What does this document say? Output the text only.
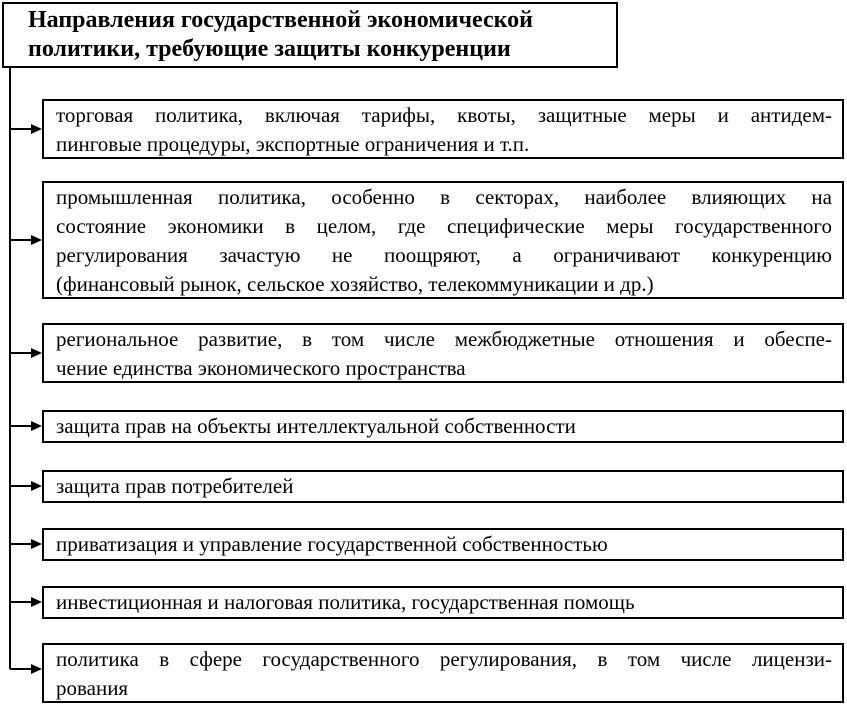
Направления государственной экономической
политики, требующие защиты конкуренции
торговая политика, включая тарифы, квоты, защитные меры и антидем-
пинговые процедуры, экспортные ограничения и т.п.
промышленная политика, особенно в секторах, наиболее влияющих на
состояние экономики в целом, где специфические меры государственного
регулирования зачастую не поощряют, а ограничивают конкуренцию
(финансовый рынок, сельское хозяйство, телекоммуникации и др.)
региональное развитие, в том числе межбюджетные отношения и обеспе-
чение единства экономического пространства
защита прав на объекты интеллектуальной собственности
защита прав потребителей
приватизация и управление государственной собственностью
инвестиционная и налоговая политика, государственная помощь
политика в сфере государственного регулирования, в том числе лицензи-
рования
